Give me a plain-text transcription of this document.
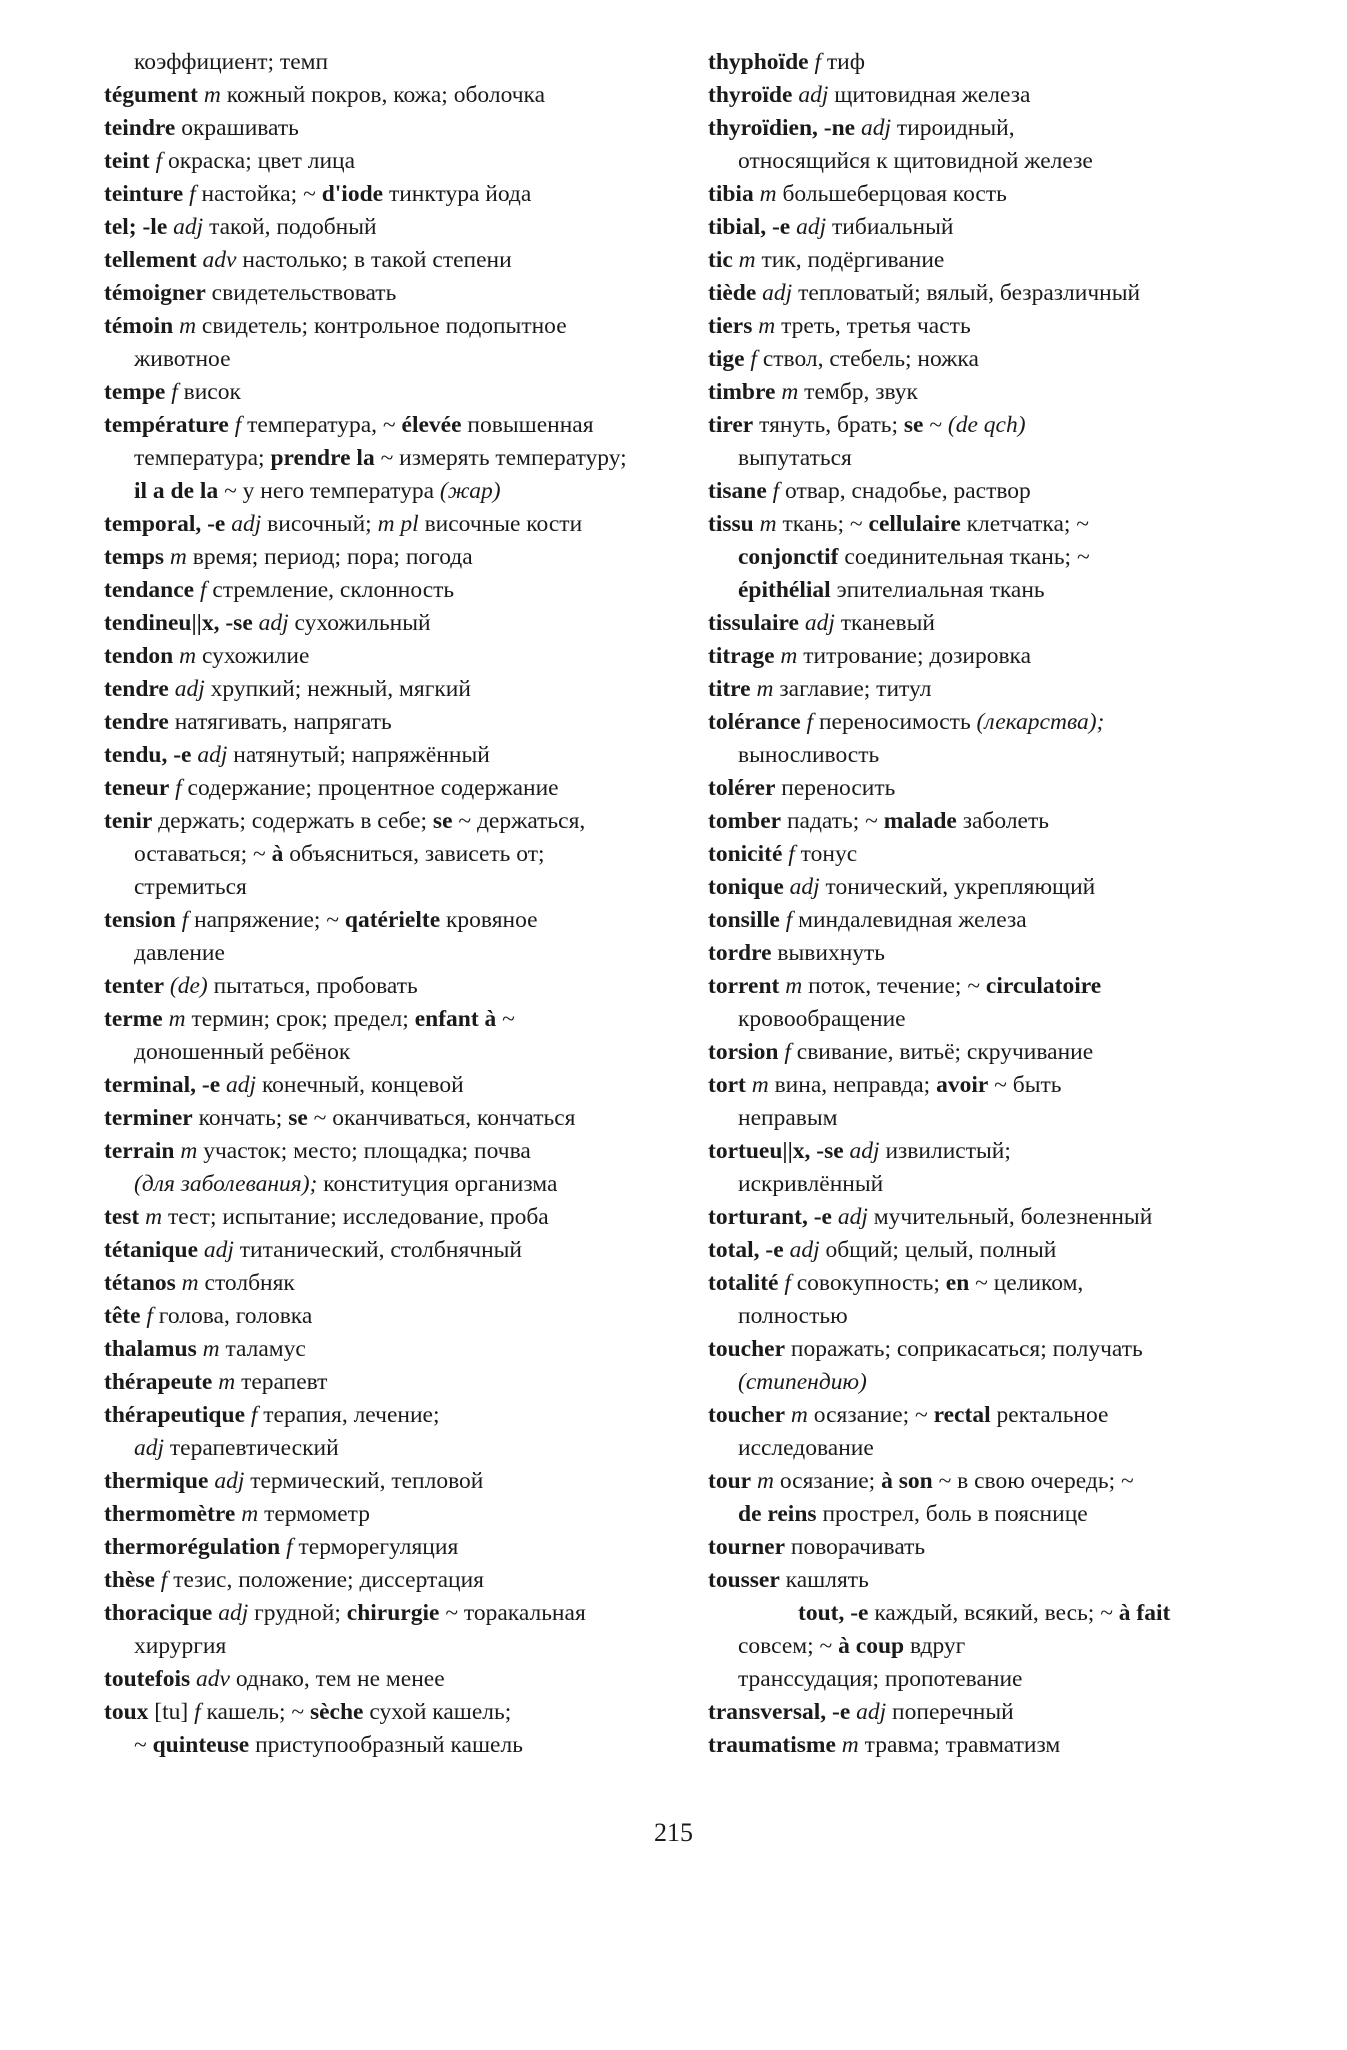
коэффициент; темп
tégument m кожный покров, кожа; оболочка
teindre окрашивать
teint f окраска; цвет лица
teinture f настойка; ~ d'iode тинктура йода
tel; -le adj такой, подобный
tellement adv настолько; в такой степени
témoigner свидетельствовать
témoin m свидетель; контрольное подопытное
животное
tempe f висок
température f температура, ~ élevée повышенная
температура; prendre la ~ измерять температуру;
il a de la ~ у него температура (жар)
temporal, -e adj височный; m pl височные кости
temps m время; период; пора; погода
tendance f стремление, склонность
tendineu||x, -se adj сухожильный
tendon m сухожилие
tendre adj хрупкий; нежный, мягкий
tendre натягивать, напрягать
tendu, -e adj натянутый; напряжённый
teneur f содержание; процентное содержание
tenir держать; содержать в себе; se ~ держаться,
оставаться; ~ à объясниться, зависеть от;
стремиться
tension f напряжение; ~ qatérielte кровяное
давление
tenter (de) пытаться, пробовать
terme m термин; срок; предел; enfant à ~
доношенный ребёнок
terminal, -e adj конечный, концевой
terminer кончать; se ~ оканчиваться, кончаться
terrain m участок; место; площадка; почва
(для заболевания); конституция организма
test m тест; испытание; исследование, проба
tétanique adj титанический, столбнячный
tétanos m столбняк
tête f голова, головка
thalamus m таламус
thérapeute m терапевт
thérapeutique f терапия, лечение;
adj терапевтический
thermique adj термический, тепловой
thermomètre m термометр
thermorégulation f терморегуляция
thèse f тезис, положение; диссертация
thoracique adj грудной; chirurgie ~ торакальная
хирургия
toutefois adv однако, тем не менее
toux [tu] f кашель; ~ sèche сухой кашель;
~ quinteuse приступообразный кашель
thyphoïde f тиф
thyroïde adj щитовидная железа
thyroïdien, -ne adj тироидный,
относящийся к щитовидной железе
tibia m большеберцовая кость
tibial, -e adj тибиальный
tic m тик, подёргивание
tiède adj тепловатый; вялый, безразличный
tiers m треть, третья часть
tige f ствол, стебель; ножка
timbre m тембр, звук
tirer тянуть, брать; se ~ (de qch)
выпутаться
tisane f отвар, снадобье, раствор
tissu m ткань; ~ cellulaire клетчатка; ~
conjonctif соединительная ткань; ~
épithélial эпителиальная ткань
tissulaire adj тканевый
titrage m титрование; дозировка
titre m заглавие; титул
tolérance f переносимость (лекарства);
выносливость
tolérer переносить
tomber падать; ~ malade заболеть
tonicité f тонус
tonique adj тонический, укрепляющий
tonsille f миндалевидная железа
tordre вывихнуть
torrent m поток, течение; ~ circulatoire
кровообращение
torsion f свивание, витьё; скручивание
tort m вина, неправда; avoir ~ быть
неправым
tortueu||x, -se adj извилистый;
искривлённый
torturant, -e adj мучительный, болезненный
total, -e adj общий; целый, полный
totalité f совокупность; en ~ целиком,
полностью
toucher поражать; соприкасаться; получать
(стипендию)
toucher m осязание; ~ rectal ректальное
исследование
tour m осязание; à son ~ в свою очередь; ~
de reins прострел, боль в пояснице
tourner поворачивать
tousser кашлять
tout, -e каждый, всякий, весь; ~ à fait
совсем; ~ à coup вдруг
транссудация; пропотевание
transversal, -e adj поперечный
traumatisme m травма; травматизм
215
